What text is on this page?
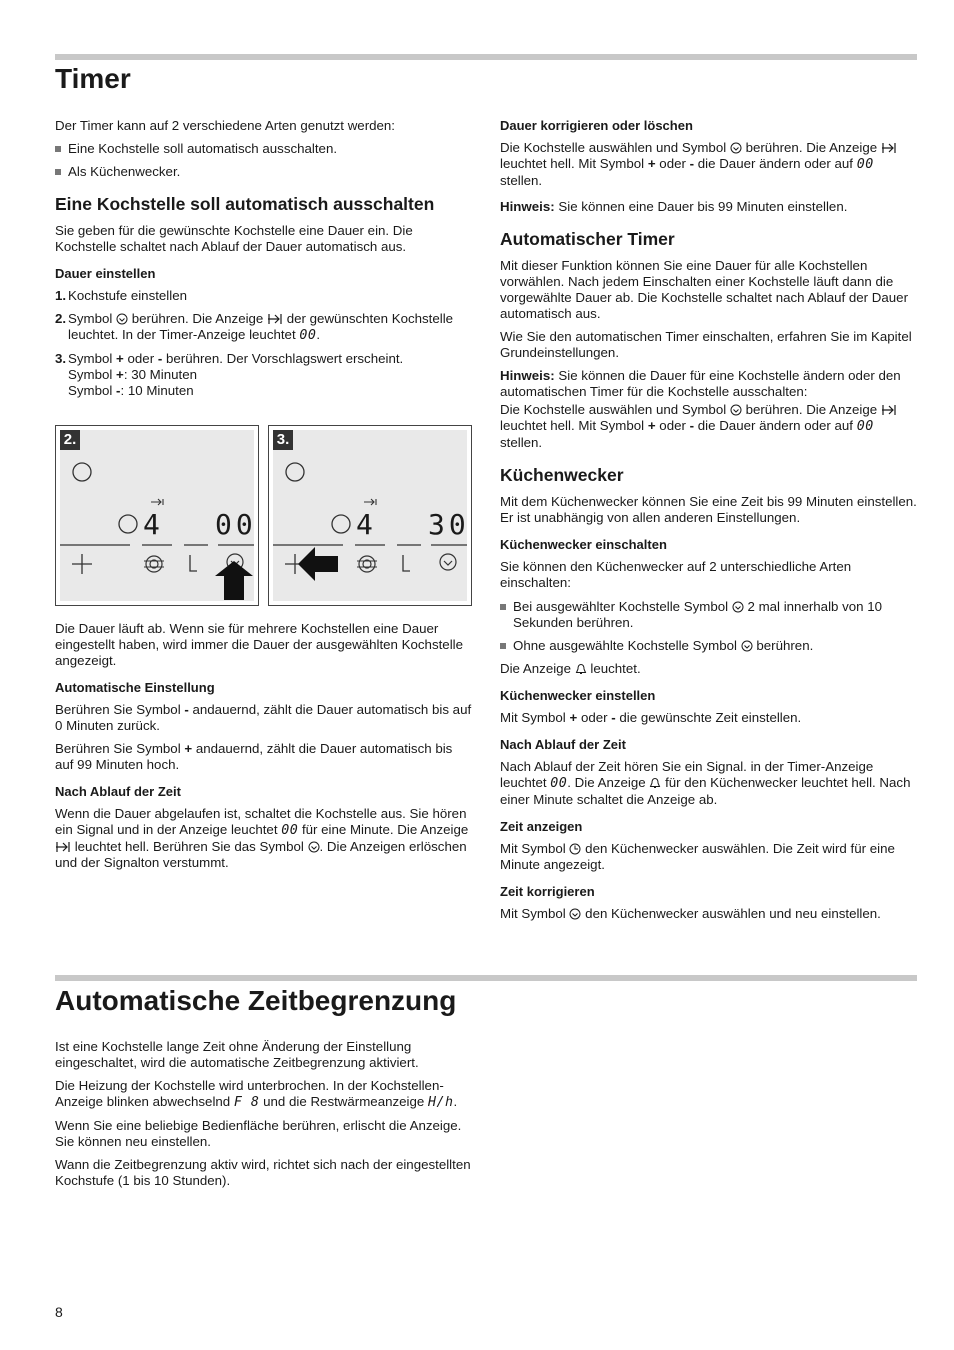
Timer

Der Timer kann auf 2 verschiedene Arten genutzt werden:

Eine Kochstelle soll automatisch ausschalten.
Als Küchenwecker.
Eine Kochstelle soll automatisch ausschalten

Sie geben für die gewünschte Kochstelle eine Dauer ein. Die Kochstelle schaltet nach Ablauf der Dauer automatisch aus.

Dauer einstellen
1. Kochstufe einstellen
2. Symbol berühren. Die Anzeige der gewünschten Kochstelle leuchtet. In der Timer-Anzeige leuchtet 00.
3. Symbol + oder - berühren. Der Vorschlagswert erscheint.
Symbol +: 30 Minuten
Symbol -: 10 Minuten
2.
4 00
3.
4 30

Die Dauer läuft ab. Wenn sie für mehrere Kochstellen eine Dauer eingestellt haben, wird immer die Dauer der ausgewählten Kochstelle angezeigt.

Automatische Einstellung

Berühren Sie Symbol - andauernd, zählt die Dauer automatisch bis auf 0 Minuten zurück.

Berühren Sie Symbol + andauernd, zählt die Dauer automatisch bis auf 99 Minuten hoch.

Nach Ablauf der Zeit

Wenn die Dauer abgelaufen ist, schaltet die Kochstelle aus. Sie hören ein Signal und in der Anzeige leuchtet 00 für eine Minute. Die Anzeige  leuchtet hell. Berühren Sie das Symbol . Die Anzeigen erlöschen und der Signalton verstummt.

Dauer korrigieren oder löschen

Die Kochstelle auswählen und Symbol berühren. Die Anzeige  leuchtet hell. Mit Symbol + oder - die Dauer ändern oder auf 00 stellen.

Hinweis: Sie können eine Dauer bis 99 Minuten einstellen.

Automatischer Timer

Mit dieser Funktion können Sie eine Dauer für alle Kochstellen vorwählen. Nach jedem Einschalten einer Kochstelle läuft dann die vorgewählte Dauer ab. Die Kochstelle schaltet nach Ablauf der Dauer automatisch aus.

Wie Sie den automatischen Timer einschalten, erfahren Sie im Kapitel Grundeinstellungen.

Hinweis: Sie können die Dauer für eine Kochstelle ändern oder den automatischen Timer für die Kochstelle ausschalten:

Die Kochstelle auswählen und Symbol berühren. Die Anzeige  leuchtet hell. Mit Symbol + oder - die Dauer ändern oder auf 00 stellen.

Küchenwecker

Mit dem Küchenwecker können Sie eine Zeit bis 99 Minuten einstellen. Er ist unabhängig von allen anderen Einstellungen.

Küchenwecker einschalten

Sie können den Küchenwecker auf 2 unterschiedliche Arten einschalten:

Bei ausgewählter Kochstelle Symbol 2 mal innerhalb von 10 Sekunden berühren.
Ohne ausgewählte Kochstelle Symbol berühren.

Die Anzeige leuchtet.

Küchenwecker einstellen

Mit Symbol + oder - die gewünschte Zeit einstellen.

Nach Ablauf der Zeit

Nach Ablauf der Zeit hören Sie ein Signal. in der Timer-Anzeige leuchtet 00. Die Anzeige für den Küchenwecker leuchtet hell. Nach einer Minute schaltet die Anzeige ab.

Zeit anzeigen

Mit Symbol den Küchenwecker auswählen. Die Zeit wird für eine Minute angezeigt.

Zeit korrigieren

Mit Symbol den Küchenwecker auswählen und neu einstellen.

Automatische Zeitbegrenzung

Ist eine Kochstelle lange Zeit ohne Änderung der Einstellung eingeschaltet, wird die automatische Zeitbegrenzung aktiviert.

Die Heizung der Kochstelle wird unterbrochen. In der Kochstellen-Anzeige blinken abwechselnd F 8 und die Restwärmeanzeige H/h.

Wenn Sie eine beliebige Bedienfläche berühren, erlischt die Anzeige. Sie können neu einstellen.

Wann die Zeitbegrenzung aktiv wird, richtet sich nach der eingestellten Kochstufe (1 bis 10 Stunden).

8
